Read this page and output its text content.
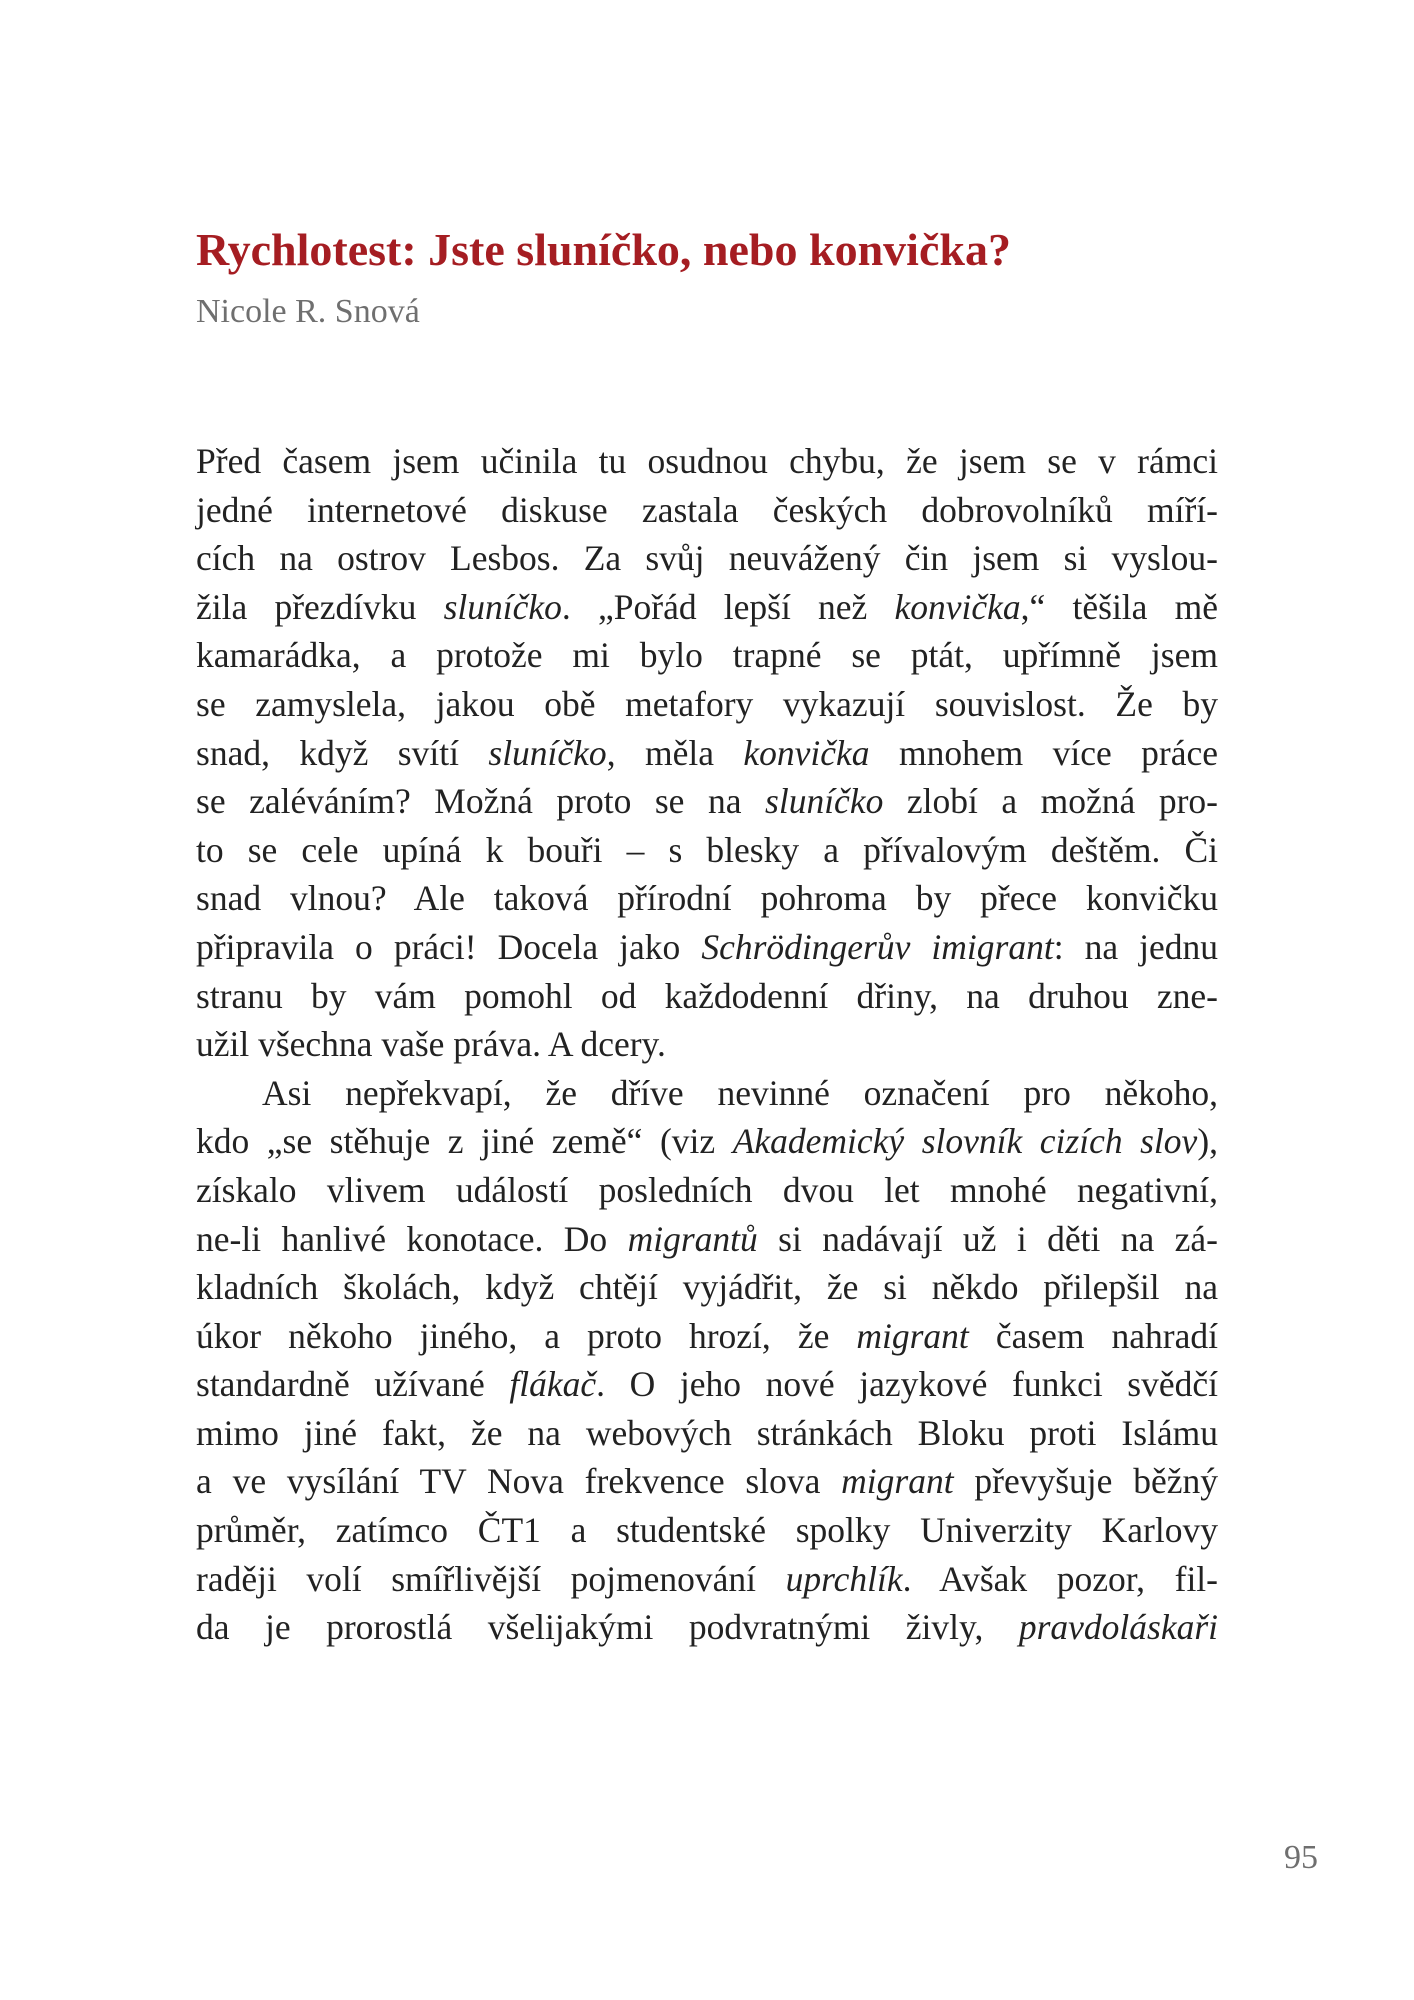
Rychlotest: Jste sluníčko, nebo konvička?
Nicole R. Snová
Před časem jsem učinila tu osudnou chybu, že jsem se v rámci
jedné internetové diskuse zastala českých dobrovolníků míří-
cích na ostrov Lesbos. Za svůj neuvážený čin jsem si vyslou-
žila přezdívku sluníčko. „Pořád lepší než konvička,“ těšila mě
kamarádka, a protože mi bylo trapné se ptát, upřímně jsem
se zamyslela, jakou obě metafory vykazují souvislost. Že by
snad, když svítí sluníčko, měla konvička mnohem více práce
se zaléváním? Možná proto se na sluníčko zlobí a možná pro-
to se cele upíná k bouři – s blesky a přívalovým deštěm. Či
snad vlnou? Ale taková přírodní pohroma by přece konvičku
připravila o práci! Docela jako Schrödingerův imigrant: na jednu
stranu by vám pomohl od každodenní dřiny, na druhou zne-
užil všechna vaše práva. A dcery.
Asi nepřekvapí, že dříve nevinné označení pro někoho,
kdo „se stěhuje z jiné země“ (viz Akademický slovník cizích slov),
získalo vlivem událostí posledních dvou let mnohé negativní,
ne-li hanlivé konotace. Do migrantů si nadávají už i děti na zá-
kladních školách, když chtějí vyjádřit, že si někdo přilepšil na
úkor někoho jiného, a proto hrozí, že migrant časem nahradí
standardně užívané flákač. O jeho nové jazykové funkci svědčí
mimo jiné fakt, že na webových stránkách Bloku proti Islámu
a ve vysílání TV Nova frekvence slova migrant převyšuje běžný
průměr, zatímco ČT1 a studentské spolky Univerzity Karlovy
raději volí smířlivější pojmenování uprchlík. Avšak pozor, fil-
da je prorostlá všelijakými podvratnými živly, pravdoláskaři
95
